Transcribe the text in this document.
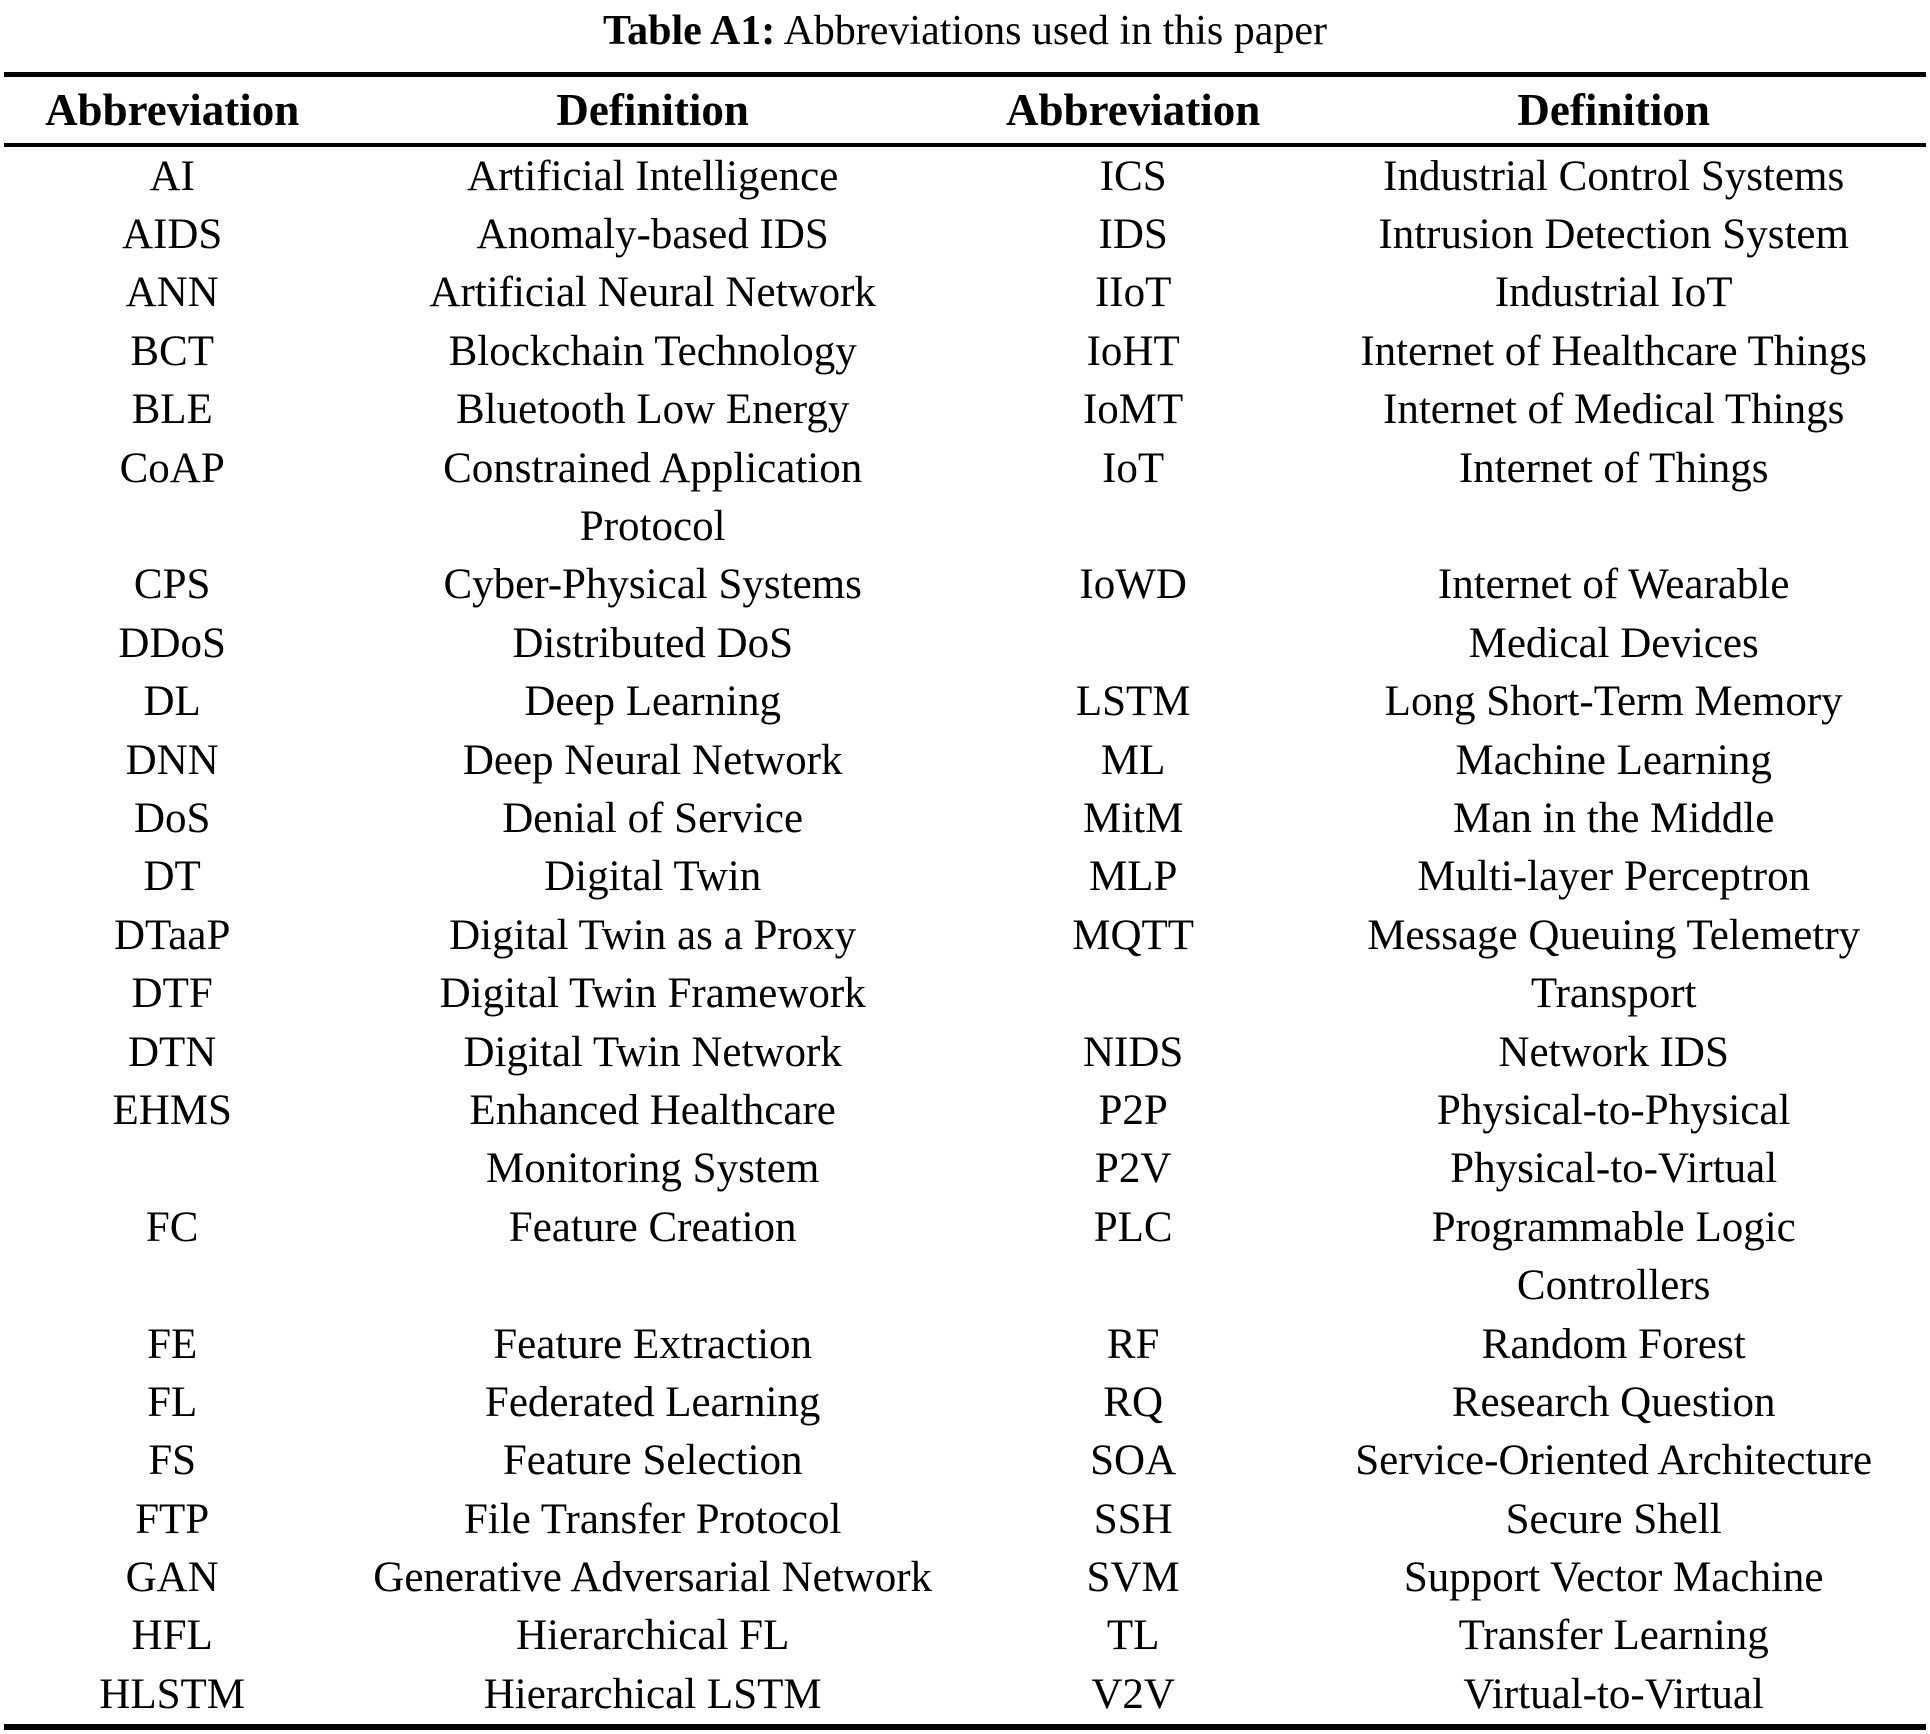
Table A1: Abbreviations used in this paper
Abbreviation	Definition	Abbreviation	Definition
AI	Artificial Intelligence	ICS	Industrial Control Systems
AIDS	Anomaly-based IDS	IDS	Intrusion Detection System
ANN	Artificial Neural Network	IIoT	Industrial IoT
BCT	Blockchain Technology	IoHT	Internet of Healthcare Things
BLE	Bluetooth Low Energy	IoMT	Internet of Medical Things
CoAP	Constrained Application	IoT	Internet of Things
	Protocol		
CPS	Cyber-Physical Systems	IoWD	Internet of Wearable
DDoS	Distributed DoS		Medical Devices
DL	Deep Learning	LSTM	Long Short-Term Memory
DNN	Deep Neural Network	ML	Machine Learning
DoS	Denial of Service	MitM	Man in the Middle
DT	Digital Twin	MLP	Multi-layer Perceptron
DTaaP	Digital Twin as a Proxy	MQTT	Message Queuing Telemetry
DTF	Digital Twin Framework		Transport
DTN	Digital Twin Network	NIDS	Network IDS
EHMS	Enhanced Healthcare	P2P	Physical-to-Physical
	Monitoring System	P2V	Physical-to-Virtual
FC	Feature Creation	PLC	Programmable Logic
			Controllers
FE	Feature Extraction	RF	Random Forest
FL	Federated Learning	RQ	Research Question
FS	Feature Selection	SOA	Service-Oriented Architecture
FTP	File Transfer Protocol	SSH	Secure Shell
GAN	Generative Adversarial Network	SVM	Support Vector Machine
HFL	Hierarchical FL	TL	Transfer Learning
HLSTM	Hierarchical LSTM	V2V	Virtual-to-Virtual
